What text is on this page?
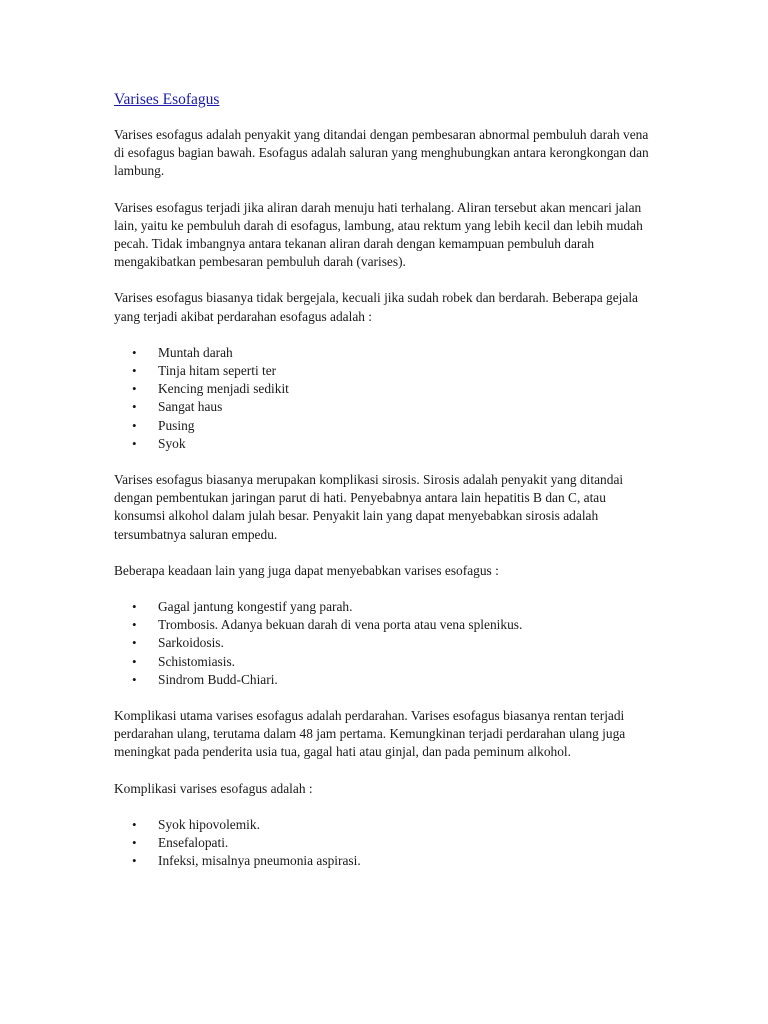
Varises Esofagus

Varises esofagus adalah penyakit yang ditandai dengan pembesaran abnormal pembuluh darah vena di esofagus bagian bawah. Esofagus adalah saluran yang menghubungkan antara kerongkongan dan lambung.

Varises esofagus terjadi jika aliran darah menuju hati terhalang. Aliran tersebut akan mencari jalan lain, yaitu ke pembuluh darah di esofagus, lambung, atau rektum yang lebih kecil dan lebih mudah pecah. Tidak imbangnya antara tekanan aliran darah dengan kemampuan pembuluh darah mengakibatkan pembesaran pembuluh darah (varises).

Varises esofagus biasanya tidak bergejala, kecuali jika sudah robek dan berdarah. Beberapa gejala yang terjadi akibat perdarahan esofagus adalah :

• Muntah darah
• Tinja hitam seperti ter
• Kencing menjadi sedikit
• Sangat haus
• Pusing
• Syok

Varises esofagus biasanya merupakan komplikasi sirosis. Sirosis adalah penyakit yang ditandai dengan pembentukan jaringan parut di hati. Penyebabnya antara lain hepatitis B dan C, atau konsumsi alkohol dalam julah besar. Penyakit lain yang dapat menyebabkan sirosis adalah tersumbatnya saluran empedu.

Beberapa keadaan lain yang juga dapat menyebabkan varises esofagus :

• Gagal jantung kongestif yang parah.
• Trombosis. Adanya bekuan darah di vena porta atau vena splenikus.
• Sarkoidosis.
• Schistomiasis.
• Sindrom Budd-Chiari.

Komplikasi utama varises esofagus adalah perdarahan. Varises esofagus biasanya rentan terjadi perdarahan ulang, terutama dalam 48 jam pertama. Kemungkinan terjadi perdarahan ulang juga meningkat pada penderita usia tua, gagal hati atau ginjal, dan pada peminum alkohol.

Komplikasi varises esofagus adalah :

• Syok hipovolemik.
• Ensefalopati.
• Infeksi, misalnya pneumonia aspirasi.
